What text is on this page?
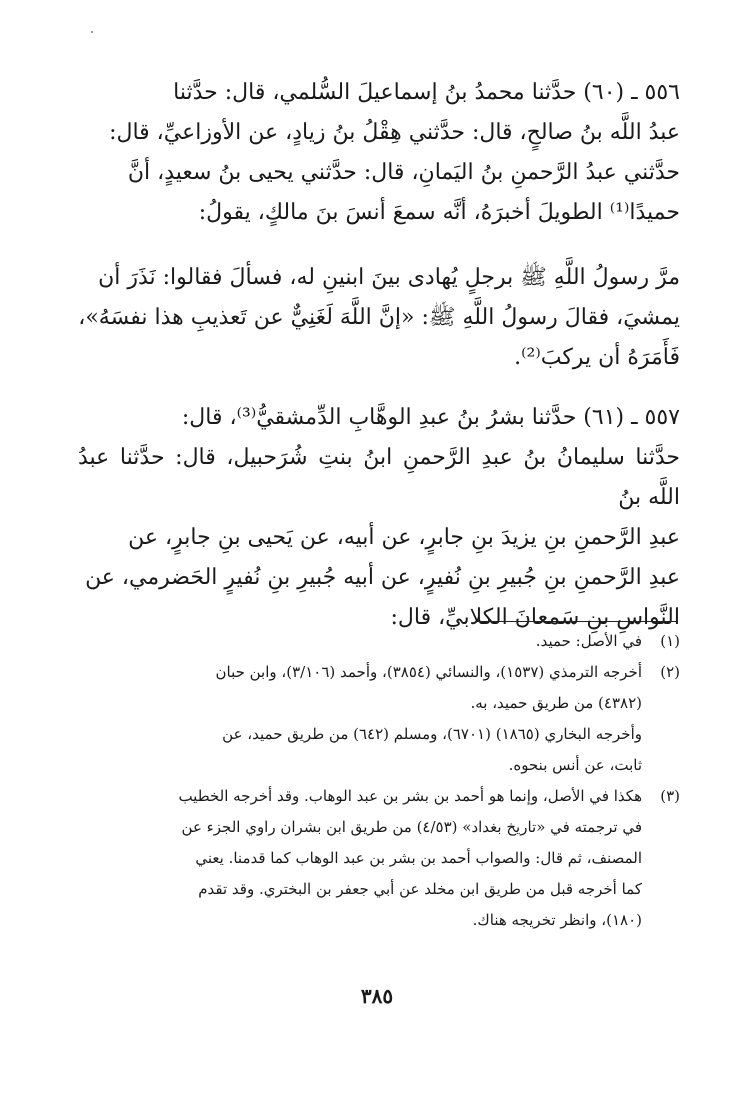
٥٥٦ ـ (٦٠) حدَّثنا محمدُ بنُ إسماعيلَ السُّلمي، قال: حدَّثنا
عبدُ اللَّه بنُ صالحٍ، قال: حدَّثني هِقْلُ بنُ زيادٍ، عن الأوزاعيِّ، قال:
حدَّثني عبدُ الرَّحمنِ بنُ اليَمانِ، قال: حدَّثني يحيى بنُ سعيدٍ، أنَّ
حميدًا⁽¹⁾ الطويلَ أخبرَهُ، أنَّه سمعَ أنسَ بنَ مالكٍ، يقولُ:
مرَّ رسولُ اللَّهِ ﷺ برجلٍ يُهادى بينَ ابنينِ له، فسألَ فقالوا: نَذَرَ أن
يمشيَ، فقالَ رسولُ اللَّهِ ﷺ: «إنَّ اللَّهَ لَغَنِيٌّ عن تَعذيبِ هذا نفسَهُ»،
فَأَمَرَهُ أن يركبَ⁽²⁾.
٥٥٧ ـ (٦١) حدَّثنا بشرُ بنُ عبدِ الوهَّابِ الدِّمشقيُّ⁽³⁾، قال:
حدَّثنا سليمانُ بنُ عبدِ الرَّحمنِ ابنُ بنتِ شُرَحبيل، قال: حدَّثنا عبدُ اللَّه بنُ
عبدِ الرَّحمنِ بنِ يزيدَ بنِ جابرٍ، عن أبيه، عن يَحيى بنِ جابرٍ، عن
عبدِ الرَّحمنِ بنِ جُبيرِ بنِ نُفيرٍ، عن أبيه جُبيرِ بنِ نُفيرٍ الحَضرمي، عن
النَّواسِ بنِ سَمعانَ الكلابيِّ، قال:
(١)
في الأصل: حميد.
(٢)
أخرجه الترمذي (١٥٣٧)، والنسائي (٣٨٥٤)، وأحمد (٣/١٠٦)، وابن حبان
(٤٣٨٢) من طريق حميد، به.
وأخرجه البخاري (١٨٦٥) (٦٧٠١)، ومسلم (٦٤٢) من طريق حميد، عن
ثابت، عن أنس بنحوه.
(٣)
هكذا في الأصل، وإنما هو أحمد بن بشر بن عبد الوهاب. وقد أخرجه الخطيب
في ترجمته في «تاريخ بغداد» (٤/٥٣) من طريق ابن بشران راوي الجزء عن
المصنف، ثم قال: والصواب أحمد بن بشر بن عبد الوهاب كما قدمنا. يعني
كما أخرجه قبل من طريق ابن مخلد عن أبي جعفر بن البختري. وقد تقدم
(١٨٠)، وانظر تخريجه هناك.
٣٨٥
